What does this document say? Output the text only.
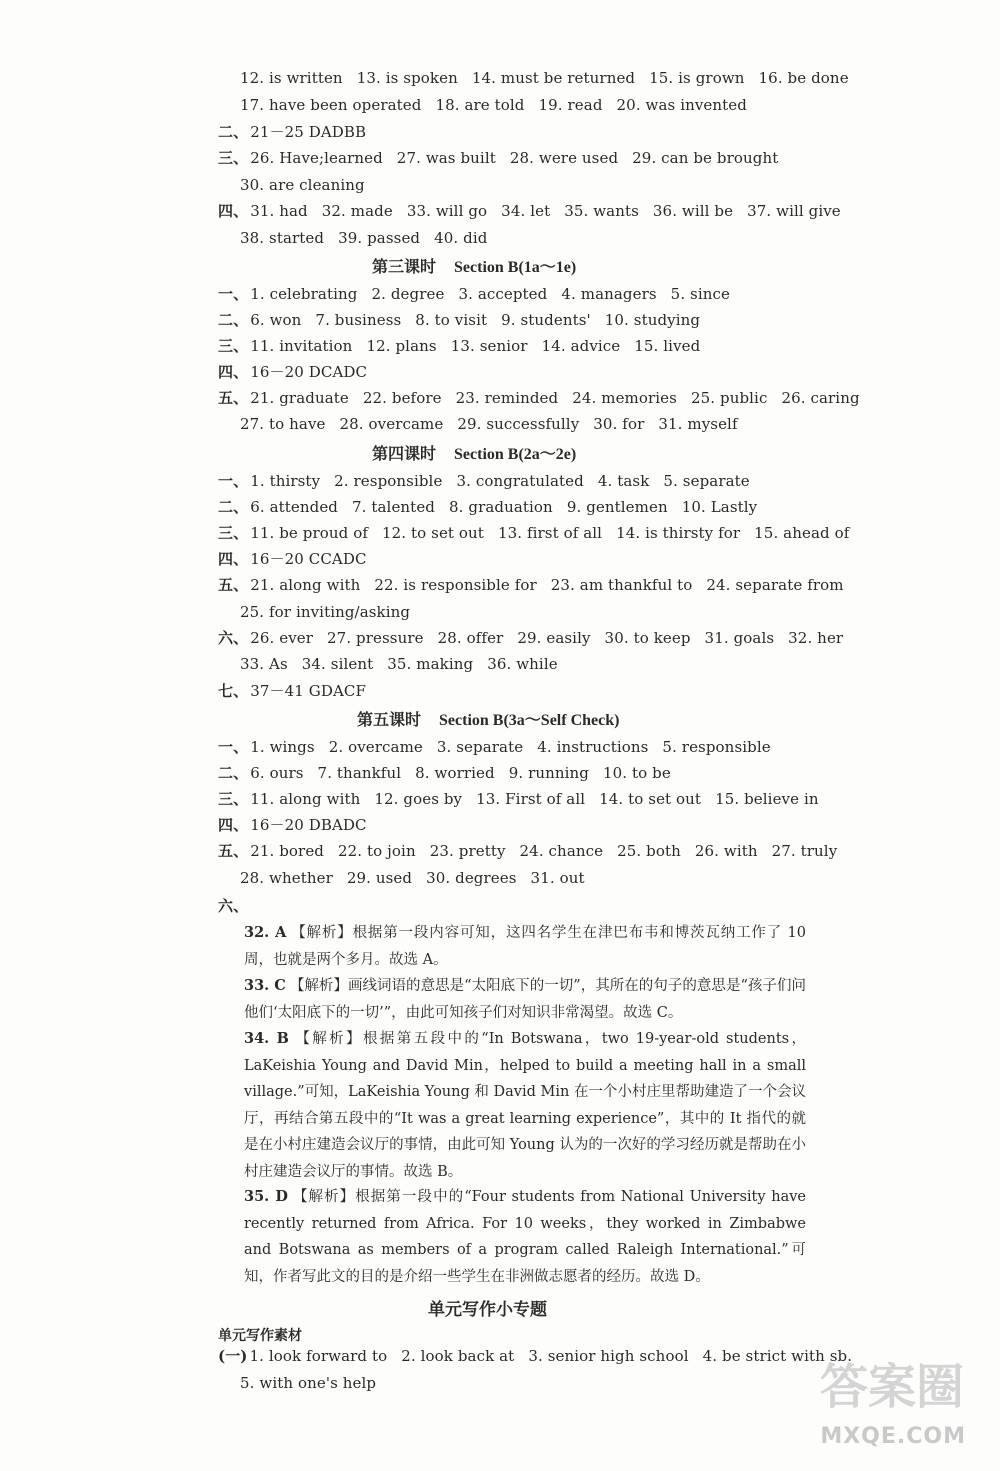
12. is written 13. is spoken 14. must be returned 15. is grown 16. be done
17. have been operated 18. are told 19. read 20. was invented
二、 21－25 DADBB
三、 26. Have;learned 27. was built 28. were used 29. can be brought
30. are cleaning
四、 31. had 32. made 33. will go 34. let 35. wants 36. will be 37. will give
38. started 39. passed 40. did
一、 1. celebrating 2. degree 3. accepted 4. managers 5. since
二、 6. won 7. business 8. to visit 9. students' 10. studying
三、 11. invitation 12. plans 13. senior 14. advice 15. lived
四、 16－20 DCADC
五、 21. graduate 22. before 23. reminded 24. memories 25. public 26. caring
27. to have 28. overcame 29. successfully 30. for 31. myself
一、 1. thirsty 2. responsible 3. congratulated 4. task 5. separate
二、 6. attended 7. talented 8. graduation 9. gentlemen 10. Lastly
三、 11. be proud of 12. to set out 13. first of all 14. is thirsty for 15. ahead of
四、 16－20 CCADC
五、 21. along with 22. is responsible for 23. am thankful to 24. separate from
25. for inviting/asking
六、 26. ever 27. pressure 28. offer 29. easily 30. to keep 31. goals 32. her
33. As 34. silent 35. making 36. while
七、 37－41 GDACF
一、 1. wings 2. overcame 3. separate 4. instructions 5. responsible
二、 6. ours 7. thankful 8. worried 9. running 10. to be
三、 11. along with 12. goes by 13. First of all 14. to set out 15. believe in
四、 16－20 DBADC
五、 21. bored 22. to join 23. pretty 24. chance 25. both 26. with 27. truly
28. whether 29. used 30. degrees 31. out
六、
第三课时 Section B(1a～1e)
第四课时 Section B(2a～2e)
第五课时 Section B(3a～Self Check)
32. A 【解析】根据第一段内容可知，这四名学生在津巴布韦和博茨瓦纳工作了 10 周，也就是两个多月。故选 A。
33. C 【解析】画线词语的意思是“太阳底下的一切”，其所在的句子的意思是“孩子们问他们‘太阳底下的一切’”，由此可知孩子们对知识非常渴望。故选 C。
34. B 【解析】根据第五段中的“In Botswana，two 19-year-old students，LaKeishia Young and David Min，helped to build a meeting hall in a small village.”可知，LaKeishia Young 和 David Min 在一个小村庄里帮助建造了一个会议厅，再结合第五段中的“It was a great learning experience”，其中的 It 指代的就是在小村庄建造会议厅的事情，由此可知 Young 认为的一次好的学习经历就是帮助在小村庄建造会议厅的事情。故选 B。
35. D 【解析】根据第一段中的“Four students from National University have recently returned from Africa. For 10 weeks，they worked in Zimbabwe and Botswana as members of a program called Raleigh International.”可知，作者写此文的目的是介绍一些学生在非洲做志愿者的经历。故选 D。
单元写作小专题
单元写作素材
(一) 1. look forward to 2. look back at 3. senior high school 4. be strict with sb.
5. with one's help	答案圈
MXQE.COM
